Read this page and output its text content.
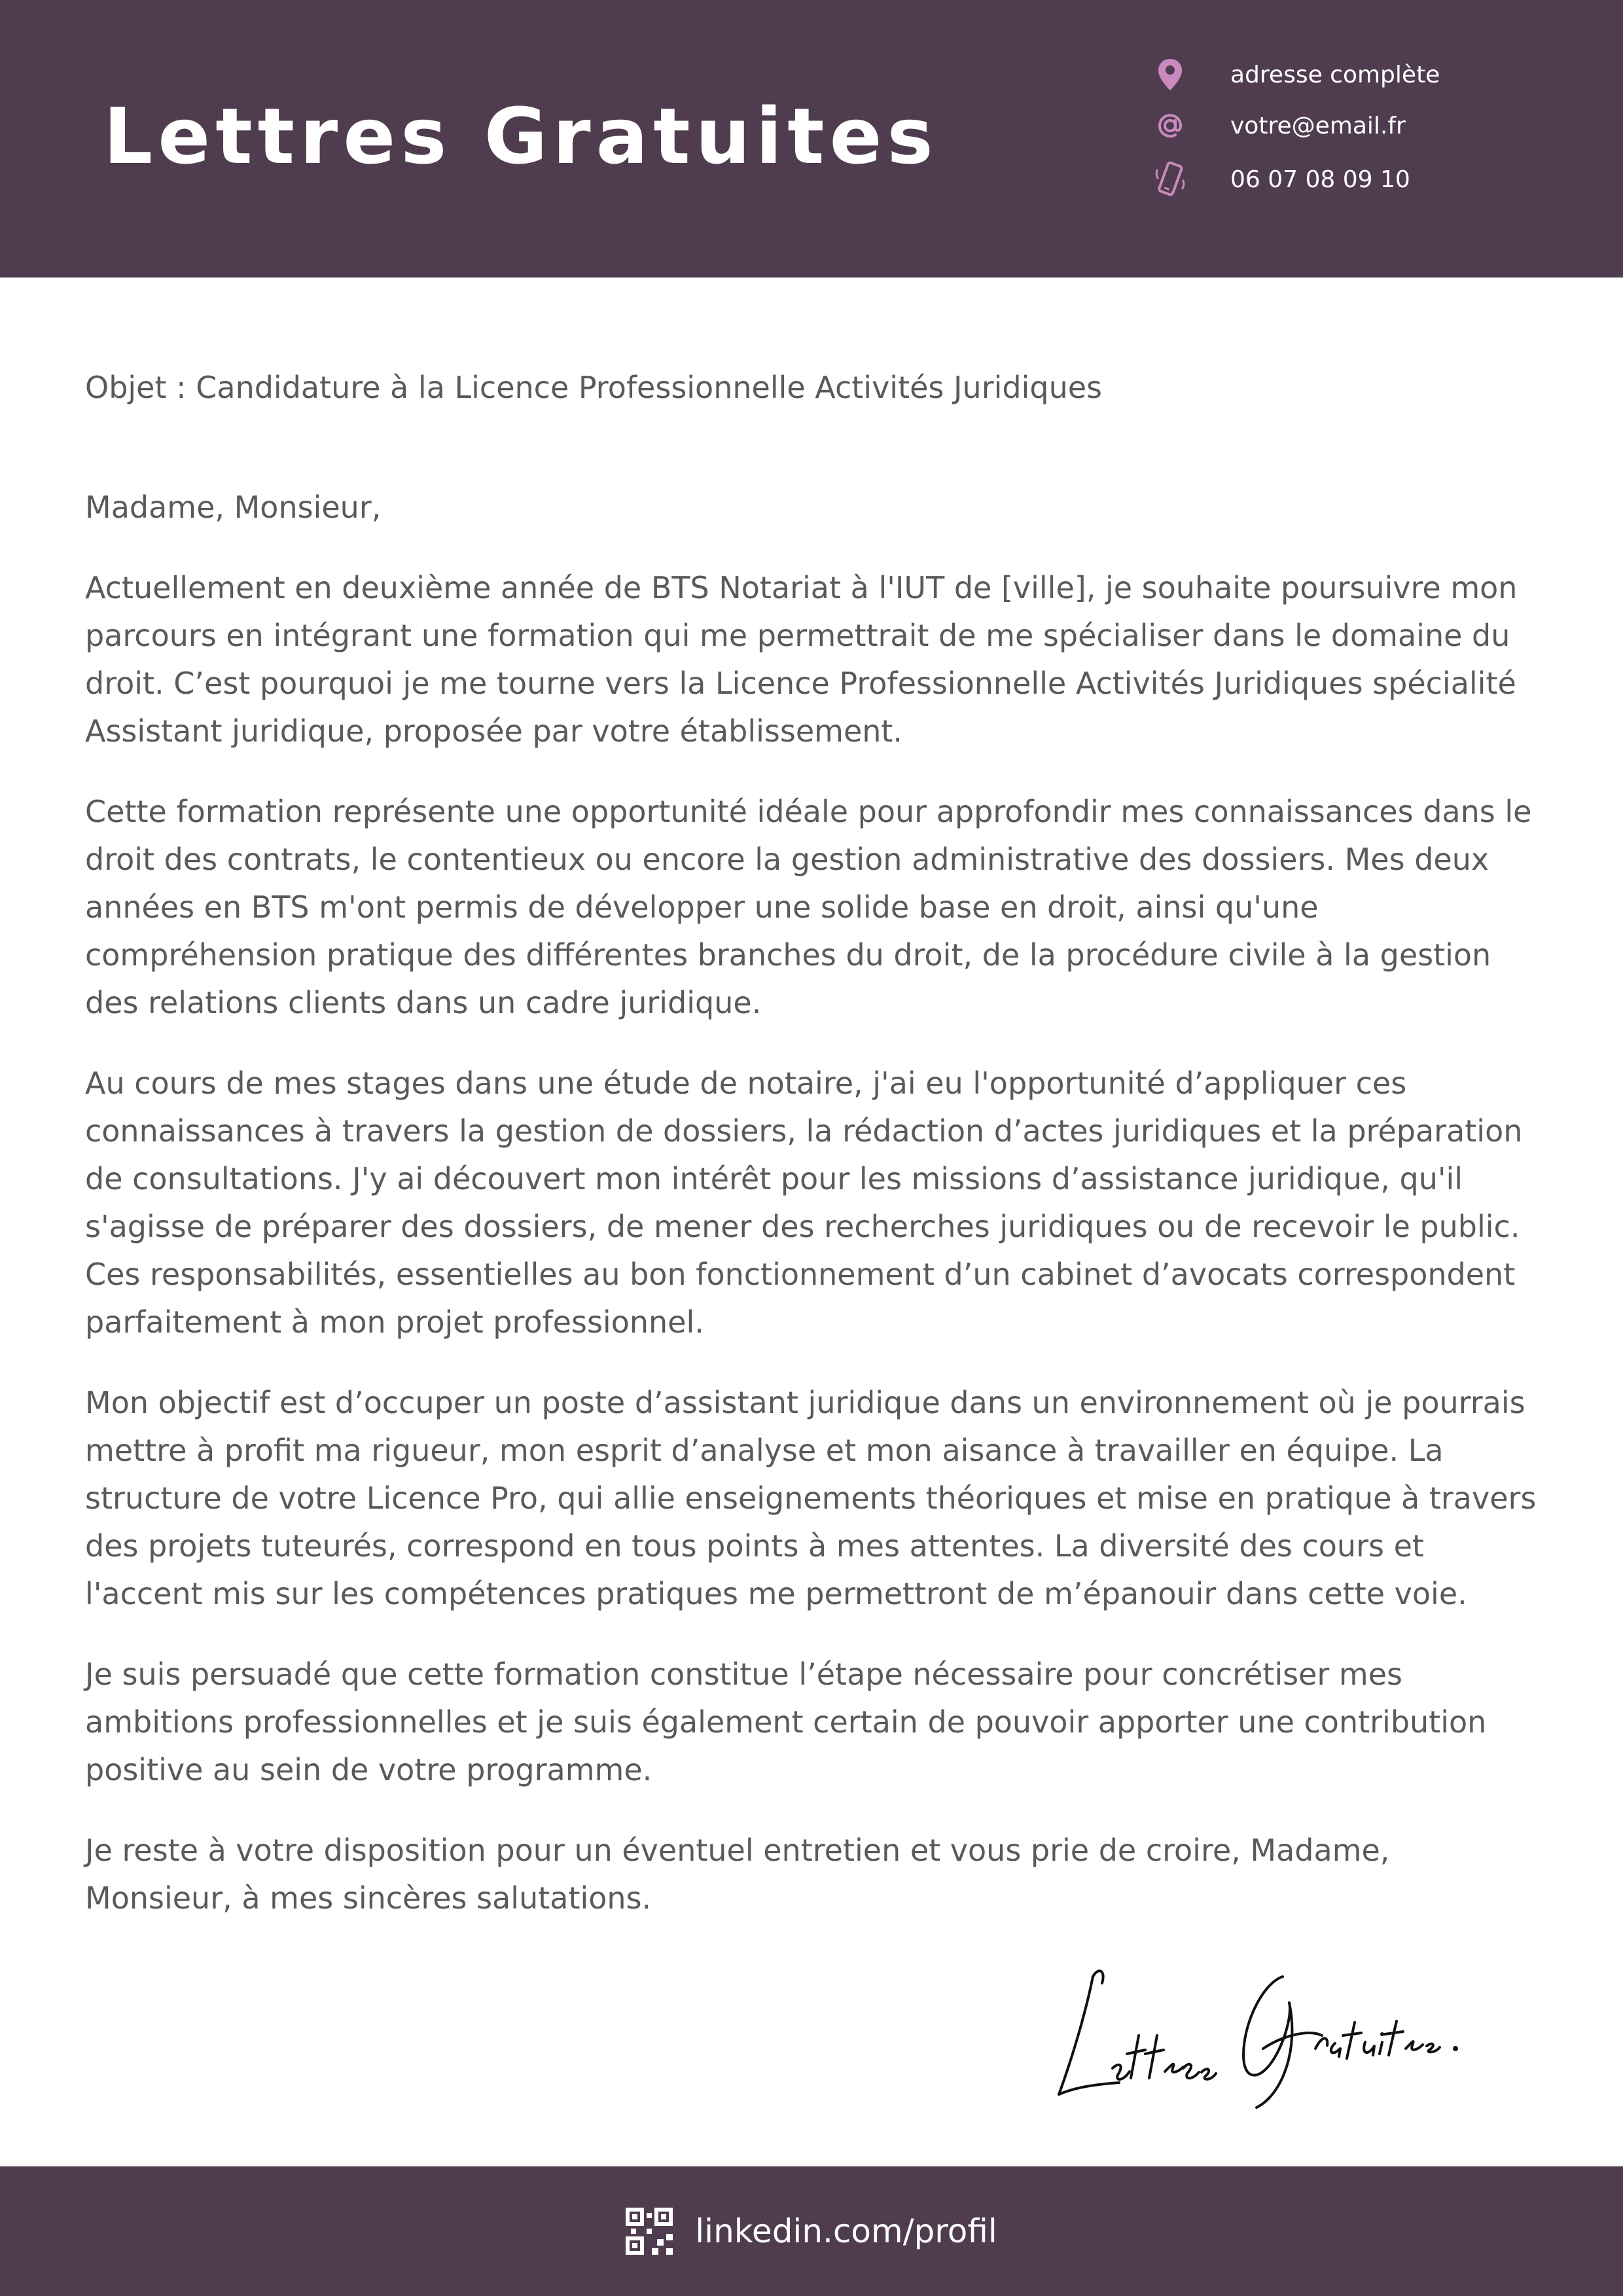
Lettres Gratuites
adresse complète
votre@email.fr
06 07 08 09 10

Objet : Candidature à la Licence Professionnelle Activités Juridiques

Madame, Monsieur,

Actuellement en deuxième année de BTS Notariat à l'IUT de [ville], je souhaite poursuivre mon parcours en intégrant une formation qui me permettrait de me spécialiser dans le domaine du droit. C’est pourquoi je me tourne vers la Licence Professionnelle Activités Juridiques spécialité Assistant juridique, proposée par votre établissement.

Cette formation représente une opportunité idéale pour approfondir mes connaissances dans le droit des contrats, le contentieux ou encore la gestion administrative des dossiers. Mes deux années en BTS m'ont permis de développer une solide base en droit, ainsi qu'une compréhension pratique des différentes branches du droit, de la procédure civile à la gestion des relations clients dans un cadre juridique.

Au cours de mes stages dans une étude de notaire, j'ai eu l'opportunité d’appliquer ces connaissances à travers la gestion de dossiers, la rédaction d’actes juridiques et la préparation de consultations. J'y ai découvert mon intérêt pour les missions d’assistance juridique, qu'il s'agisse de préparer des dossiers, de mener des recherches juridiques ou de recevoir le public. Ces responsabilités, essentielles au bon fonctionnement d’un cabinet d’avocats correspondent parfaitement à mon projet professionnel.

Mon objectif est d’occuper un poste d’assistant juridique dans un environnement où je pourrais mettre à profit ma rigueur, mon esprit d’analyse et mon aisance à travailler en équipe. La structure de votre Licence Pro, qui allie enseignements théoriques et mise en pratique à travers des projets tuteurés, correspond en tous points à mes attentes. La diversité des cours et l'accent mis sur les compétences pratiques me permettront de m’épanouir dans cette voie.

Je suis persuadé que cette formation constitue l’étape nécessaire pour concrétiser mes ambitions professionnelles et je suis également certain de pouvoir apporter une contribution positive au sein de votre programme.

Je reste à votre disposition pour un éventuel entretien et vous prie de croire, Madame, Monsieur, à mes sincères salutations.

linkedin.com/profil
